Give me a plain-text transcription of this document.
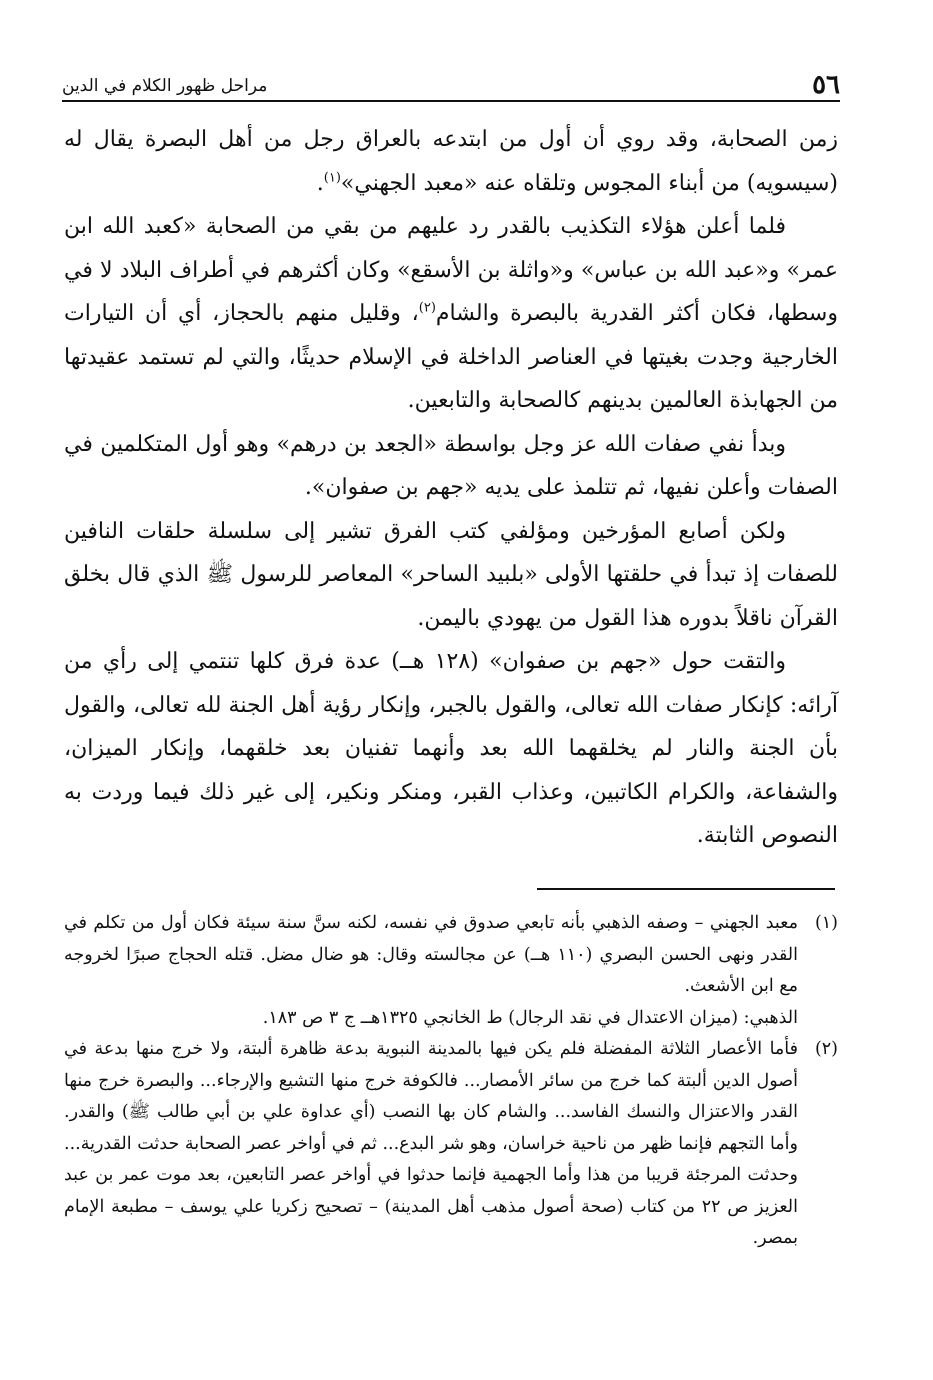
٥٦
مراحل ظهور الكلام في الدين

زمن الصحابة، وقد روي أن أول من ابتدعه بالعراق رجل من أهل البصرة يقال له (سيسويه) من أبناء المجوس وتلقاه عنه «معبد الجهني»$^{(١)}$.

فلما أعلن هؤلاء التكذيب بالقدر رد عليهم من بقي من الصحابة «كعبد الله ابن عمر» و«عبد الله بن عباس» و«واثلة بن الأسقع» وكان أكثرهم في أطراف البلاد لا في وسطها، فكان أكثر القدرية بالبصرة والشام$^{(٢)}$، وقليل منهم بالحجاز، أي أن التيارات الخارجية وجدت بغيتها في العناصر الداخلة في الإسلام حديثًا، والتي لم تستمد عقيدتها من الجهابذة العالمين بدينهم كالصحابة والتابعين.

وبدأ نفي صفات الله عز وجل بواسطة «الجعد بن درهم» وهو أول المتكلمين في الصفات وأعلن نفيها، ثم تتلمذ على يديه «جهم بن صفوان».

ولكن أصابع المؤرخين ومؤلفي كتب الفرق تشير إلى سلسلة حلقات النافين للصفات إذ تبدأ في حلقتها الأولى «بلبيد الساحر» المعاصر للرسول ﷺ الذي قال بخلق القرآن ناقلاً بدوره هذا القول من يهودي باليمن.

والتقت حول «جهم بن صفوان» (١٢٨ هــ) عدة فرق كلها تنتمي إلى رأي من آرائه: كإنكار صفات الله تعالى، والقول بالجبر، وإنكار رؤية أهل الجنة لله تعالى، والقول بأن الجنة والنار لم يخلقهما الله بعد وأنهما تفنيان بعد خلقهما، وإنكار الميزان، والشفاعة، والكرام الكاتبين، وعذاب القبر، ومنكر ونكير، إلى غير ذلك فيما وردت به النصوص الثابتة.

(١)

معبد الجهني – وصفه الذهبي بأنه تابعي صدوق في نفسه، لكنه سنَّ سنة سيئة فكان أول من تكلم في القدر ونهى الحسن البصري (١١٠ هــ) عن مجالسته وقال: هو ضال مضل. قتله الحجاج صبرًا لخروجه مع ابن الأشعث.

الذهبي: (ميزان الاعتدال في نقد الرجال) ط الخانجي ١٣٢٥هــ ج ٣ ص ١٨٣.

(٢)

فأما الأعصار الثلاثة المفضلة فلم يكن فيها بالمدينة النبوية بدعة ظاهرة ألبتة، ولا خرج منها بدعة في أصول الدين ألبتة كما خرج من سائر الأمصار... فالكوفة خرج منها التشيع والإرجاء... والبصرة خرج منها القدر والاعتزال والنسك الفاسد... والشام كان بها النصب (أي عداوة علي بن أبي طالب ﷺ) والقدر. وأما التجهم فإنما ظهر من ناحية خراسان، وهو شر البدع... ثم في أواخر عصر الصحابة حدثت القدرية... وحدثت المرجئة قريبا من هذا وأما الجهمية فإنما حدثوا في أواخر عصر التابعين، بعد موت عمر بن عبد العزيز ص ٢٢ من كتاب (صحة أصول مذهب أهل المدينة) – تصحيح زكريا علي يوسف – مطبعة الإمام بمصر.
